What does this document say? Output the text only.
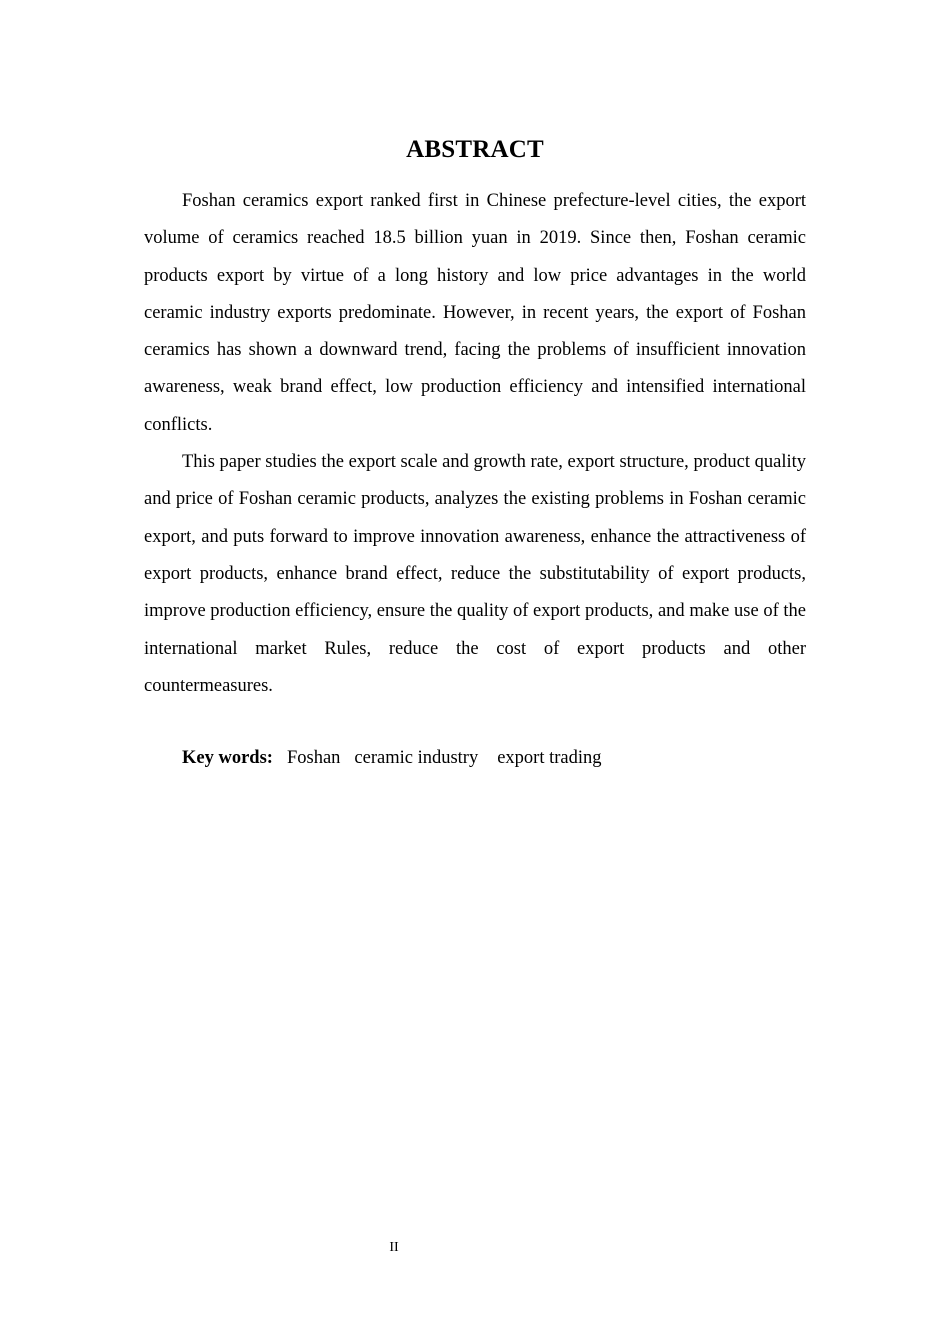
ABSTRACT

Foshan ceramics export ranked first in Chinese prefecture-level cities, the export volume of ceramics reached 18.5 billion yuan in 2019. Since then, Foshan ceramic products export by virtue of a long history and low price advantages in the world ceramic industry exports predominate. However, in recent years, the export of Foshan ceramics has shown a downward trend, facing the problems of insufficient innovation awareness, weak brand effect, low production efficiency and intensified international conflicts.

This paper studies the export scale and growth rate, export structure, product quality and price of Foshan ceramic products, analyzes the existing problems in Foshan ceramic export, and puts forward to improve innovation awareness, enhance the attractiveness of export products, enhance brand effect, reduce the substitutability of export products, improve production efficiency, ensure the quality of export products, and make use of the international market Rules, reduce the cost of export products and other countermeasures.

Key words: Foshan ceramic industry export trading
II
